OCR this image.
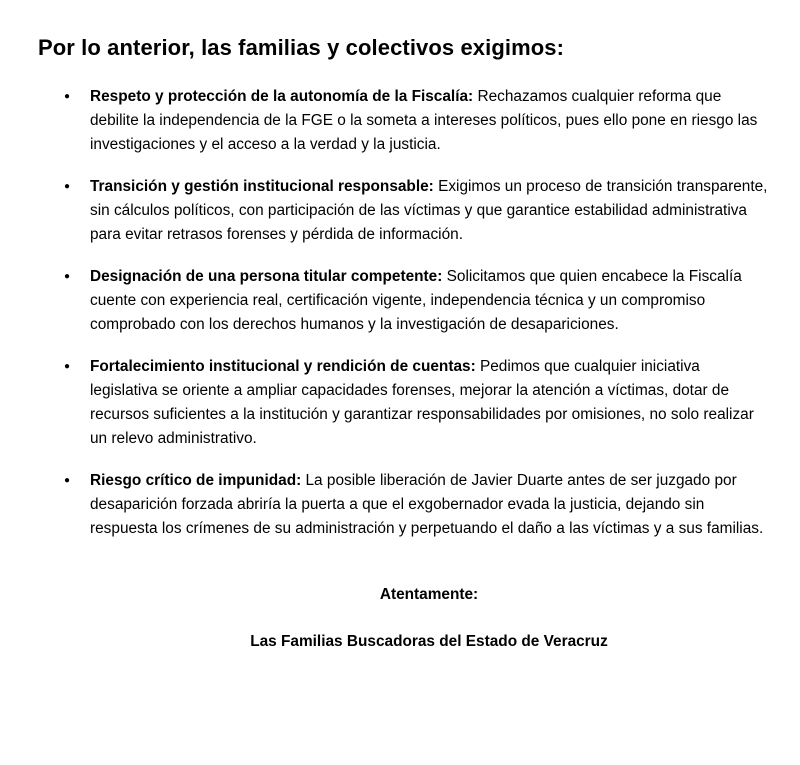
Por lo anterior, las familias y colectivos exigimos:
● Respeto y protección de la autonomía de la Fiscalía: Rechazamos cualquier reforma que debilite la independencia de la FGE o la someta a intereses políticos, pues ello pone en riesgo las investigaciones y el acceso a la verdad y la justicia.

● Transición y gestión institucional responsable: Exigimos un proceso de transición transparente, sin cálculos políticos, con participación de las víctimas y que garantice estabilidad administrativa para evitar retrasos forenses y pérdida de información.

● Designación de una persona titular competente: Solicitamos que quien encabece la Fiscalía cuente con experiencia real, certificación vigente, independencia técnica y un compromiso comprobado con los derechos humanos y la investigación de desapariciones.

● Fortalecimiento institucional y rendición de cuentas: Pedimos que cualquier iniciativa legislativa se oriente a ampliar capacidades forenses, mejorar la atención a víctimas, dotar de recursos suficientes a la institución y garantizar responsabilidades por omisiones, no solo realizar un relevo administrativo.

● Riesgo crítico de impunidad: La posible liberación de Javier Duarte antes de ser juzgado por desaparición forzada abriría la puerta a que el exgobernador evada la justicia, dejando sin respuesta los crímenes de su administración y perpetuando el daño a las víctimas y a sus familias.

Atentamente:

Las Familias Buscadoras del Estado de Veracruz
